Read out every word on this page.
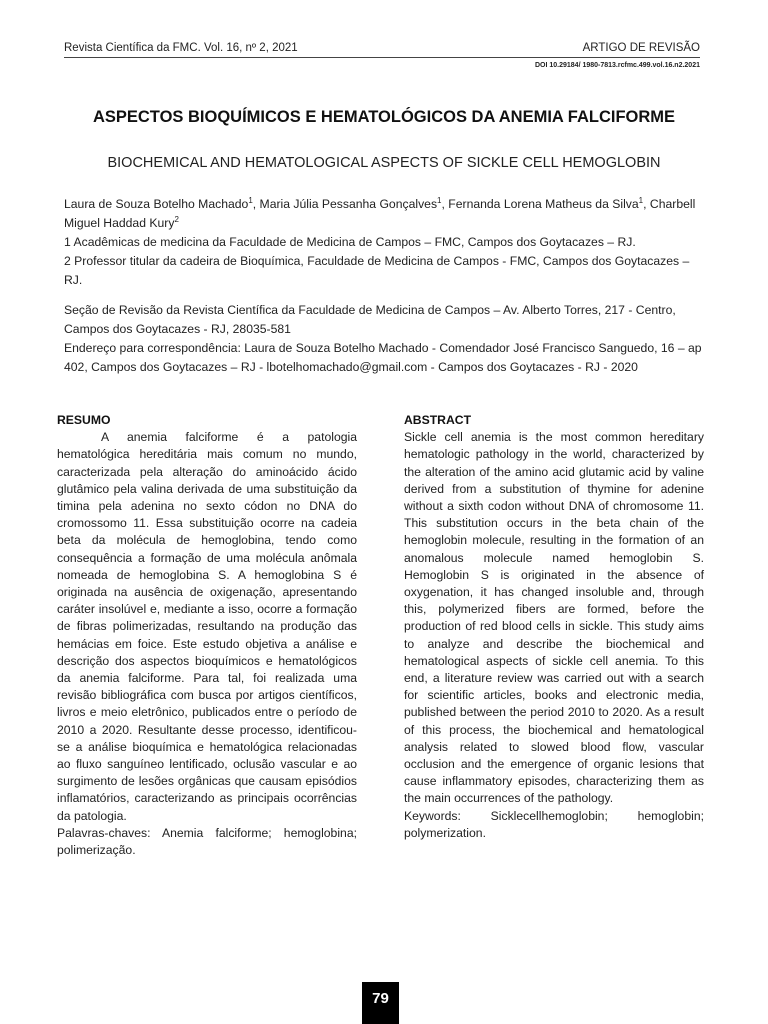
Revista Científica da FMC. Vol. 16, nº 2, 2021	ARTIGO DE REVISÃO
DOI 10.29184/ 1980-7813.rcfmc.499.vol.16.n2.2021
ASPECTOS BIOQUÍMICOS E HEMATOLÓGICOS DA ANEMIA FALCIFORME
BIOCHEMICAL AND HEMATOLOGICAL ASPECTS OF SICKLE CELL HEMOGLOBIN
Laura de Souza Botelho Machado$^1$, Maria Júlia Pessanha Gonçalves$^1$, Fernanda Lorena Matheus da Silva$^1$, Charbell Miguel Haddad Kury$^2$
1 Acadêmicas de medicina da Faculdade de Medicina de Campos – FMC, Campos dos Goytacazes – RJ.
2 Professor titular da cadeira de Bioquímica, Faculdade de Medicina de Campos - FMC, Campos dos Goytacazes – RJ.
Seção de Revisão da Revista Científica da Faculdade de Medicina de Campos – Av. Alberto Torres, 217 - Centro, Campos dos Goytacazes - RJ, 28035-581
Endereço para correspondência: Laura de Souza Botelho Machado - Comendador José Francisco Sanguedo, 16 – ap 402, Campos dos Goytacazes – RJ - lbotelhomachado@gmail.com - Campos dos Goytacazes - RJ - 2020
RESUMO

A anemia falciforme é a patologia hematológica hereditária mais comum no mundo, caracterizada pela alteração do aminoácido ácido glutâmico pela valina derivada de uma substituição da timina pela adenina no sexto códon no DNA do cromossomo 11. Essa substituição ocorre na cadeia beta da molécula de hemoglobina, tendo como consequência a formação de uma molécula anômala nomeada de hemoglobina S. A hemoglobina S é originada na ausência de oxigenação, apresentando caráter insolúvel e, mediante a isso, ocorre a formação de fibras polimerizadas, resultando na produção das hemácias em foice. Este estudo objetiva a análise e descrição dos aspectos bioquímicos e hematológicos da anemia falciforme. Para tal, foi realizada uma revisão bibliográfica com busca por artigos científicos, livros e meio eletrônico, publicados entre o período de 2010 a 2020. Resultante desse processo, identificou-se a análise bioquímica e hematológica relacionadas ao fluxo sanguíneo lentificado, oclusão vascular e ao surgimento de lesões orgânicas que causam episódios inflamatórios, caracterizando as principais ocorrências da patologia.

Palavras-chaves: Anemia falciforme; hemoglobina; polimerização.

ABSTRACT

Sickle cell anemia is the most common hereditary hematologic pathology in the world, characterized by the alteration of the amino acid glutamic acid by valine derived from a substitution of thymine for adenine without a sixth codon without DNA of chromosome 11. This substitution occurs in the beta chain of the hemoglobin molecule, resulting in the formation of an anomalous molecule named hemoglobin S. Hemoglobin S is originated in the absence of oxygenation, it has changed insoluble and, through this, polymerized fibers are formed, before the production of red blood cells in sickle. This study aims to analyze and describe the biochemical and hematological aspects of sickle cell anemia. To this end, a literature review was carried out with a search for scientific articles, books and electronic media, published between the period 2010 to 2020. As a result of this process, the biochemical and hematological analysis related to slowed blood flow, vascular occlusion and the emergence of organic lesions that cause inflammatory episodes, characterizing them as the main occurrences of the pathology.

Keywords: Sicklecellhemoglobin; hemoglobin; polymerization.

79
